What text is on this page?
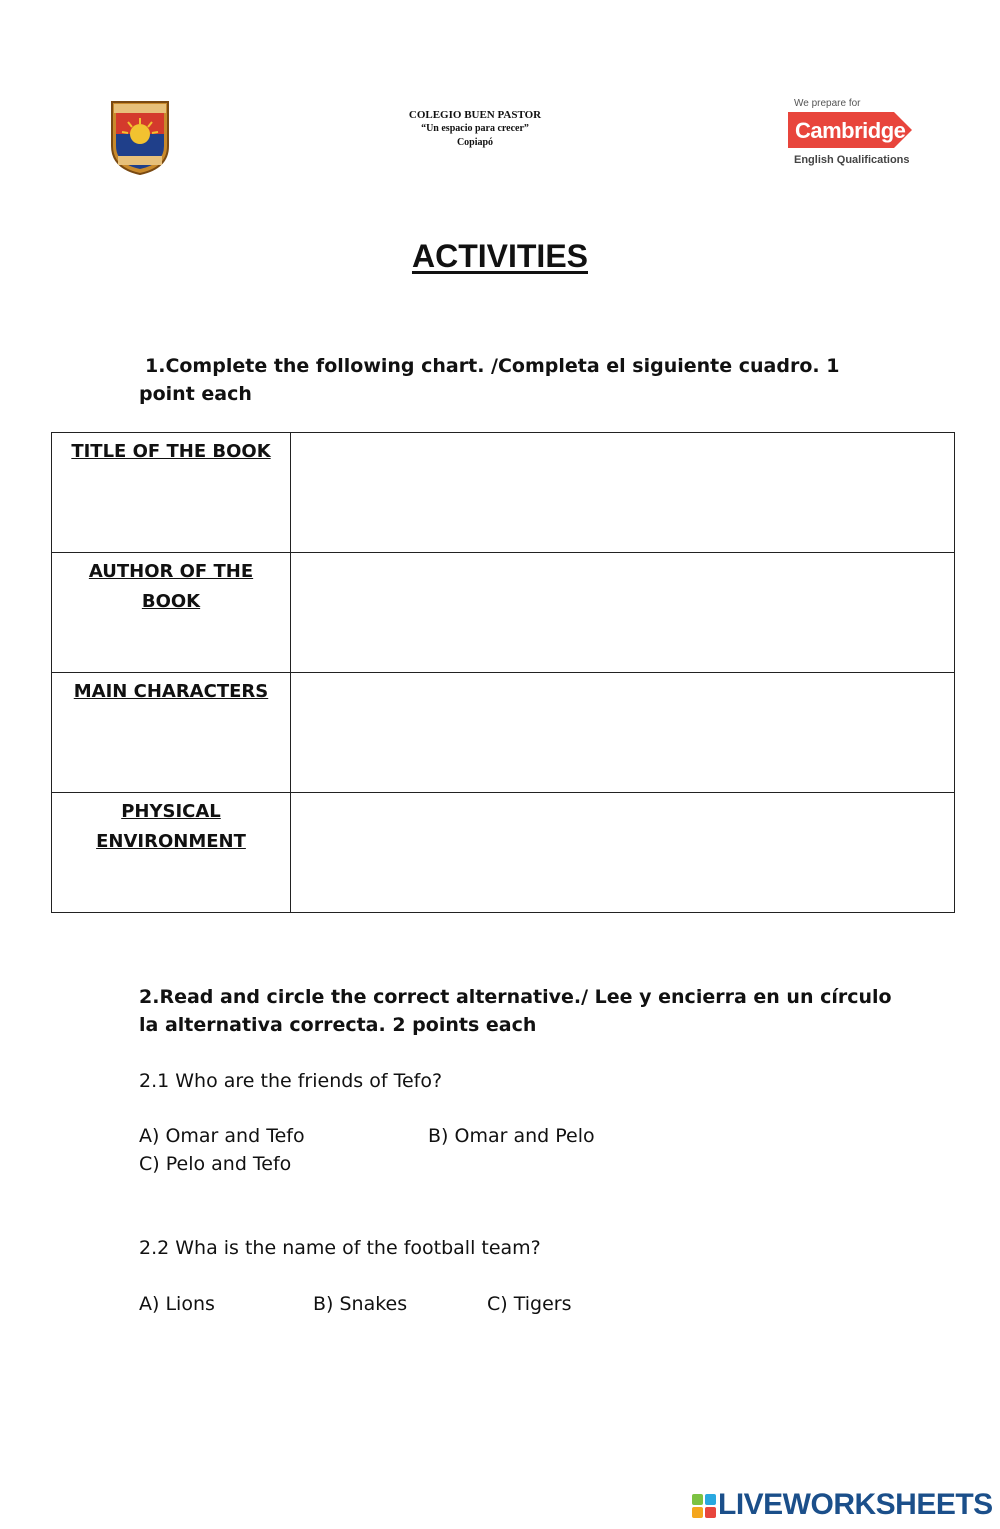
COLEGIO BUEN PASTOR
“Un espacio para crecer”
Copiapó
We prepare for
Cambridge
English Qualifications
ACTIVITIES
1.Complete the following chart. /Completa el siguiente cuadro. 1
point each
TITLE OF THE BOOK	
AUTHOR OF THE
BOOK	
MAIN CHARACTERS	
PHYSICAL
ENVIRONMENT	
2.Read and circle the correct alternative./ Lee y encierra en un círculo
la alternativa correcta. 2 points each
2.1 Who are the friends of Tefo?
A) Omar and Tefo	B) Omar and Pelo
C) Pelo and Tefo
2.2 Wha is the name of the football team?
A) Lions	B) Snakes	C) Tigers
LIVEWORKSHEETS
